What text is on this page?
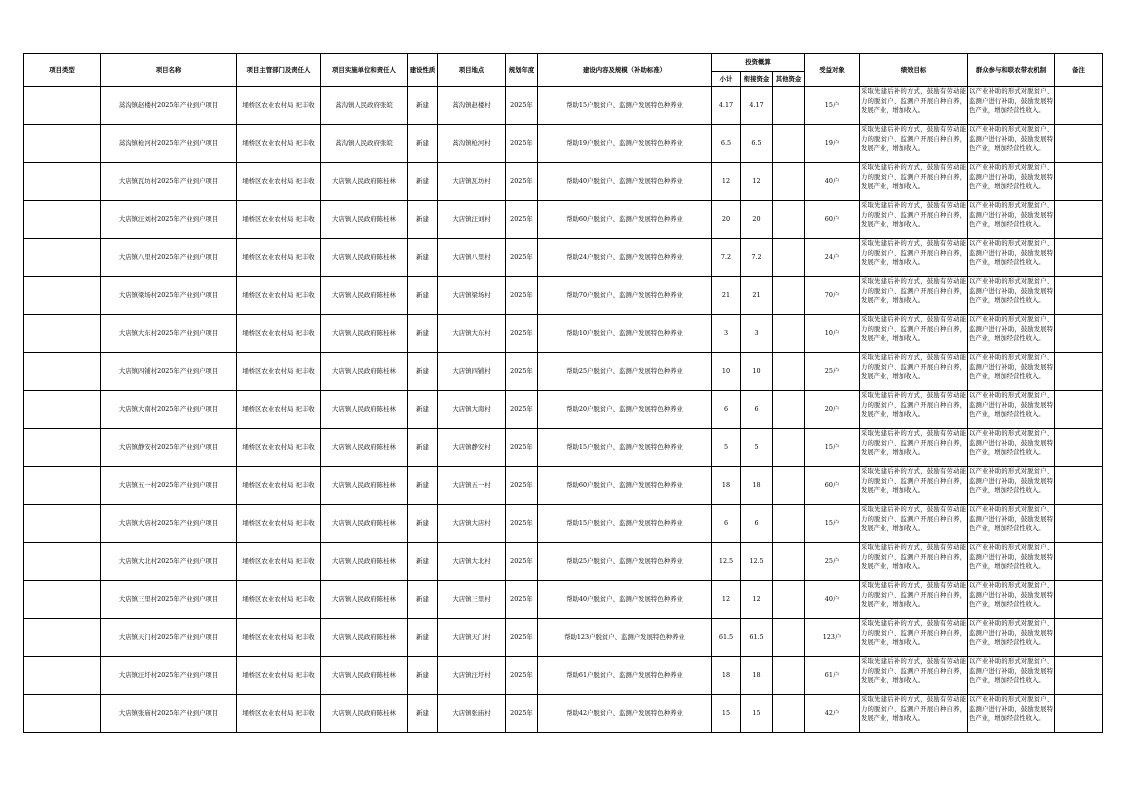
项目类型	项目名称	项目主管部门及责任人	项目实施单位和责任人	建设性质	项目地点	规划年度	建设内容及规模（补助标准）	投资概算			受益对象	绩效目标	群众参与和联农带农机制	备注
								小计	衔接资金	其他资金				
	蒿沟镇赵楼村2025年产业到户项目	埇桥区农业农村局 祀丰收	蒿沟镇人民政府张皖	新建	蒿沟镇赵楼村	2025年	帮助15户脱贫户、监测户发展特色种养业	4.17	4.17		15户	采取先建后补的方式，鼓励有劳动能力的脱贫户、监测户开展自种自养，发展产业，增加收入。	以产业补助的形式对脱贫户、监测户进行补助，鼓励发展特色产业，增加经营性收入。	

	蒿沟镇枪河村2025年产业到户项目	埇桥区农业农村局 祀丰收	蒿沟镇人民政府张皖	新建	蒿沟镇枪河村	2025年	帮助19户脱贫户、监测户发展特色种养业	6.5	6.5		19户	采取先建后补的方式，鼓励有劳动能力的脱贫户、监测户开展自种自养，发展产业，增加收入。	以产业补助的形式对脱贫户、监测户进行补助，鼓励发展特色产业，增加经营性收入。	

	大店镇瓦坊村2025年产业到户项目	埇桥区农业农村局 祀丰收	大店镇人民政府陈桂林	新建	大店镇瓦坊村	2025年	帮助40户脱贫户、监测户发展特色种养业	12	12		40户	采取先建后补的方式，鼓励有劳动能力的脱贫户、监测户开展自种自养，发展产业，增加收入。	以产业补助的形式对脱贫户、监测户进行补助，鼓励发展特色产业，增加经营性收入。	

	大店镇汪刘村2025年产业到户项目	埇桥区农业农村局 祀丰收	大店镇人民政府陈桂林	新建	大店镇汪刘村	2025年	帮助60户脱贫户、监测户发展特色种养业	20	20		60户	采取先建后补的方式，鼓励有劳动能力的脱贫户、监测户开展自种自养，发展产业，增加收入。	以产业补助的形式对脱贫户、监测户进行补助，鼓励发展特色产业，增加经营性收入。	

	大店镇八里村2025年产业到户项目	埇桥区农业农村局 祀丰收	大店镇人民政府陈桂林	新建	大店镇八里村	2025年	帮助24户脱贫户、监测户发展特色种养业	7.2	7.2		24户	采取先建后补的方式，鼓励有劳动能力的脱贫户、监测户开展自种自养，发展产业，增加收入。	以产业补助的形式对脱贫户、监测户进行补助，鼓励发展特色产业，增加经营性收入。	

	大店镇梁场村2025年产业到户项目	埇桥区农业农村局 祀丰收	大店镇人民政府陈桂林	新建	大店镇梁场村	2025年	帮助70户脱贫户、监测户发展特色种养业	21	21		70户	采取先建后补的方式，鼓励有劳动能力的脱贫户、监测户开展自种自养，发展产业，增加收入。	以产业补助的形式对脱贫户、监测户进行补助，鼓励发展特色产业，增加经营性收入。	

	大店镇大东村2025年产业到户项目	埇桥区农业农村局 祀丰收	大店镇人民政府陈桂林	新建	大店镇大东村	2025年	帮助10户脱贫户、监测户发展特色种养业	3	3		10户	采取先建后补的方式，鼓励有劳动能力的脱贫户、监测户开展自种自养，发展产业，增加收入。	以产业补助的形式对脱贫户、监测户进行补助，鼓励发展特色产业，增加经营性收入。	

	大店镇四铺村2025年产业到户项目	埇桥区农业农村局 祀丰收	大店镇人民政府陈桂林	新建	大店镇四铺村	2025年	帮助25户脱贫户、监测户发展特色种养业	10	10		25户	采取先建后补的方式，鼓励有劳动能力的脱贫户、监测户开展自种自养，发展产业，增加收入。	以产业补助的形式对脱贫户、监测户进行补助，鼓励发展特色产业，增加经营性收入。	

	大店镇大南村2025年产业到户项目	埇桥区农业农村局 祀丰收	大店镇人民政府陈桂林	新建	大店镇大南村	2025年	帮助20户脱贫户、监测户发展特色种养业	6	6		20户	采取先建后补的方式，鼓励有劳动能力的脱贫户、监测户开展自种自养，发展产业，增加收入。	以产业补助的形式对脱贫户、监测户进行补助，鼓励发展特色产业，增加经营性收入。	

	大店镇静安村2025年产业到户项目	埇桥区农业农村局 祀丰收	大店镇人民政府陈桂林	新建	大店镇静安村	2025年	帮助15户脱贫户、监测户发展特色种养业	5	5		15户	采取先建后补的方式，鼓励有劳动能力的脱贫户、监测户开展自种自养，发展产业，增加收入。	以产业补助的形式对脱贫户、监测户进行补助，鼓励发展特色产业，增加经营性收入。	

	大店镇五一村2025年产业到户项目	埇桥区农业农村局 祀丰收	大店镇人民政府陈桂林	新建	大店镇五一村	2025年	帮助60户脱贫户、监测户发展特色种养业	18	18		60户	采取先建后补的方式，鼓励有劳动能力的脱贫户、监测户开展自种自养，发展产业，增加收入。	以产业补助的形式对脱贫户、监测户进行补助，鼓励发展特色产业，增加经营性收入。	

	大店镇大店村2025年产业到户项目	埇桥区农业农村局 祀丰收	大店镇人民政府陈桂林	新建	大店镇大店村	2025年	帮助15户脱贫户、监测户发展特色种养业	6	6		15户	采取先建后补的方式，鼓励有劳动能力的脱贫户、监测户开展自种自养，发展产业，增加收入。	以产业补助的形式对脱贫户、监测户进行补助，鼓励发展特色产业，增加经营性收入。	

	大店镇大北村2025年产业到户项目	埇桥区农业农村局 祀丰收	大店镇人民政府陈桂林	新建	大店镇大北村	2025年	帮助25户脱贫户、监测户发展特色种养业	12.5	12.5		25户	采取先建后补的方式，鼓励有劳动能力的脱贫户、监测户开展自种自养，发展产业，增加收入。	以产业补助的形式对脱贫户、监测户进行补助，鼓励发展特色产业，增加经营性收入。	

	大店镇三里村2025年产业到户项目	埇桥区农业农村局 祀丰收	大店镇人民政府陈桂林	新建	大店镇三里村	2025年	帮助40户脱贫户、监测户发展特色种养业	12	12		40户	采取先建后补的方式，鼓励有劳动能力的脱贫户、监测户开展自种自养，发展产业，增加收入。	以产业补助的形式对脱贫户、监测户进行补助，鼓励发展特色产业，增加经营性收入。	

	大店镇天门村2025年产业到户项目	埇桥区农业农村局 祀丰收	大店镇人民政府陈桂林	新建	大店镇天门村	2025年	帮助123户脱贫户、监测户发展特色种养业	61.5	61.5		123户	采取先建后补的方式，鼓励有劳动能力的脱贫户、监测户开展自种自养，发展产业，增加收入。	以产业补助的形式对脱贫户、监测户进行补助，鼓励发展特色产业，增加经营性收入。	

	大店镇汪圩村2025年产业到户项目	埇桥区农业农村局 祀丰收	大店镇人民政府陈桂林	新建	大店镇汪圩村	2025年	帮助61户脱贫户、监测户发展特色种养业	18	18		61户	采取先建后补的方式，鼓励有劳动能力的脱贫户、监测户开展自种自养，发展产业，增加收入。	以产业补助的形式对脱贫户、监测户进行补助，鼓励发展特色产业，增加经营性收入。	

	大店镇张庙村2025年产业到户项目	埇桥区农业农村局 祀丰收	大店镇人民政府陈桂林	新建	大店镇张庙村	2025年	帮助42户脱贫户、监测户发展特色种养业	15	15		42户	采取先建后补的方式，鼓励有劳动能力的脱贫户、监测户开展自种自养，发展产业，增加收入。	以产业补助的形式对脱贫户、监测户进行补助，鼓励发展特色产业，增加经营性收入。	
